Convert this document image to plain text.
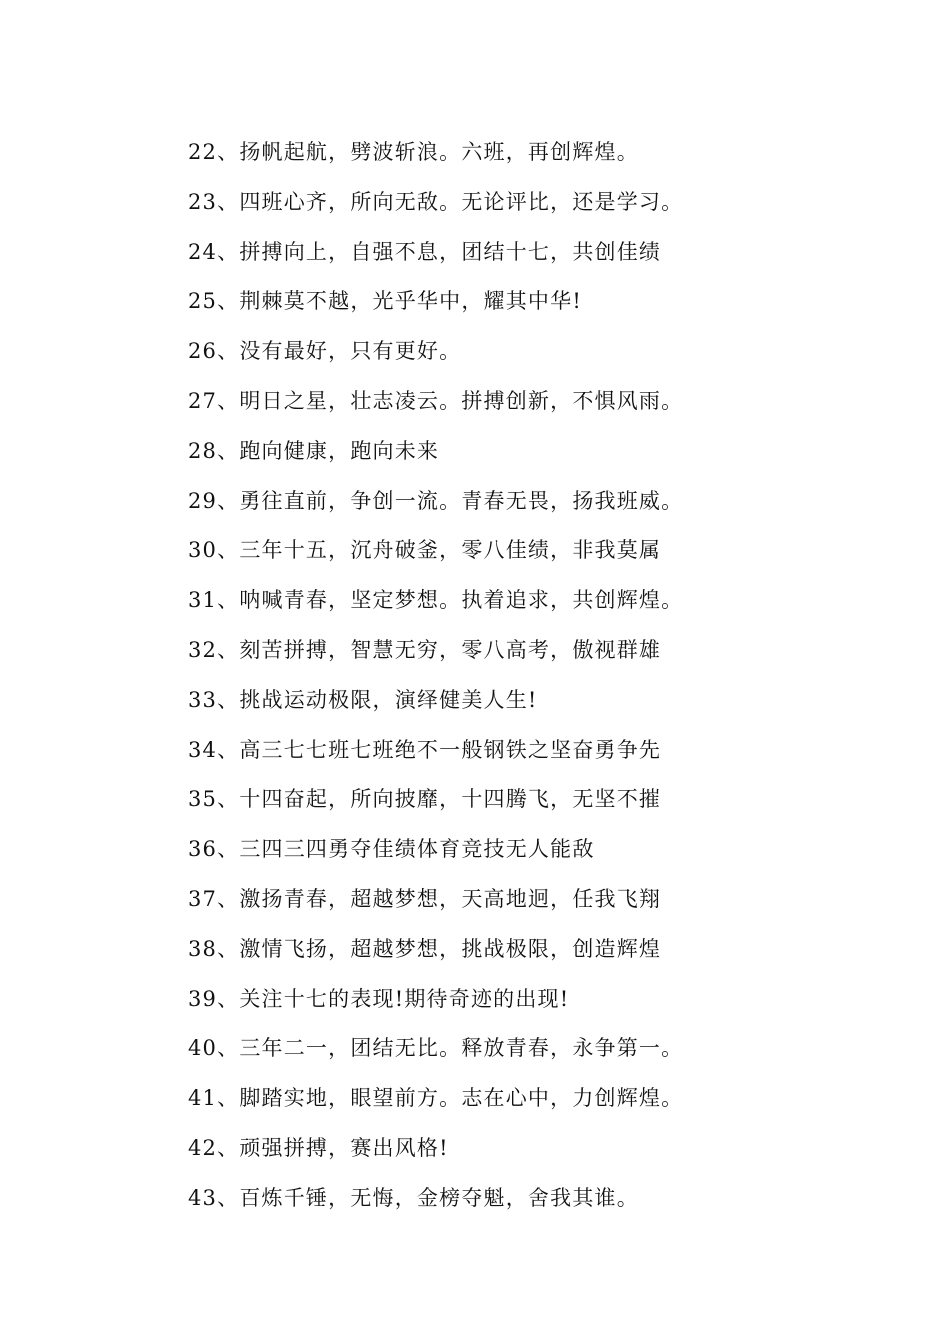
22、扬帆起航，劈波斩浪。六班，再创辉煌。
23、四班心齐，所向无敌。无论评比，还是学习。
24、拼搏向上，自强不息，团结十七，共创佳绩
25、荆棘莫不越，光乎华中，耀其中华!
26、没有最好，只有更好。
27、明日之星，壮志凌云。拼搏创新，不惧风雨。
28、跑向健康，跑向未来
29、勇往直前，争创一流。青春无畏，扬我班威。
30、三年十五，沉舟破釜，零八佳绩，非我莫属
31、呐喊青春，坚定梦想。执着追求，共创辉煌。
32、刻苦拼搏，智慧无穷，零八高考，傲视群雄
33、挑战运动极限，演绎健美人生!
34、高三七七班七班绝不一般钢铁之坚奋勇争先
35、十四奋起，所向披靡，十四腾飞，无坚不摧
36、三四三四勇夺佳绩体育竞技无人能敌
37、激扬青春，超越梦想，天高地迥，任我飞翔
38、激情飞扬，超越梦想，挑战极限，创造辉煌
39、关注十七的表现!期待奇迹的出现!
40、三年二一，团结无比。释放青春，永争第一。
41、脚踏实地，眼望前方。志在心中，力创辉煌。
42、顽强拼搏，赛出风格!
43、百炼千锤，无悔，金榜夺魁，舍我其谁。
